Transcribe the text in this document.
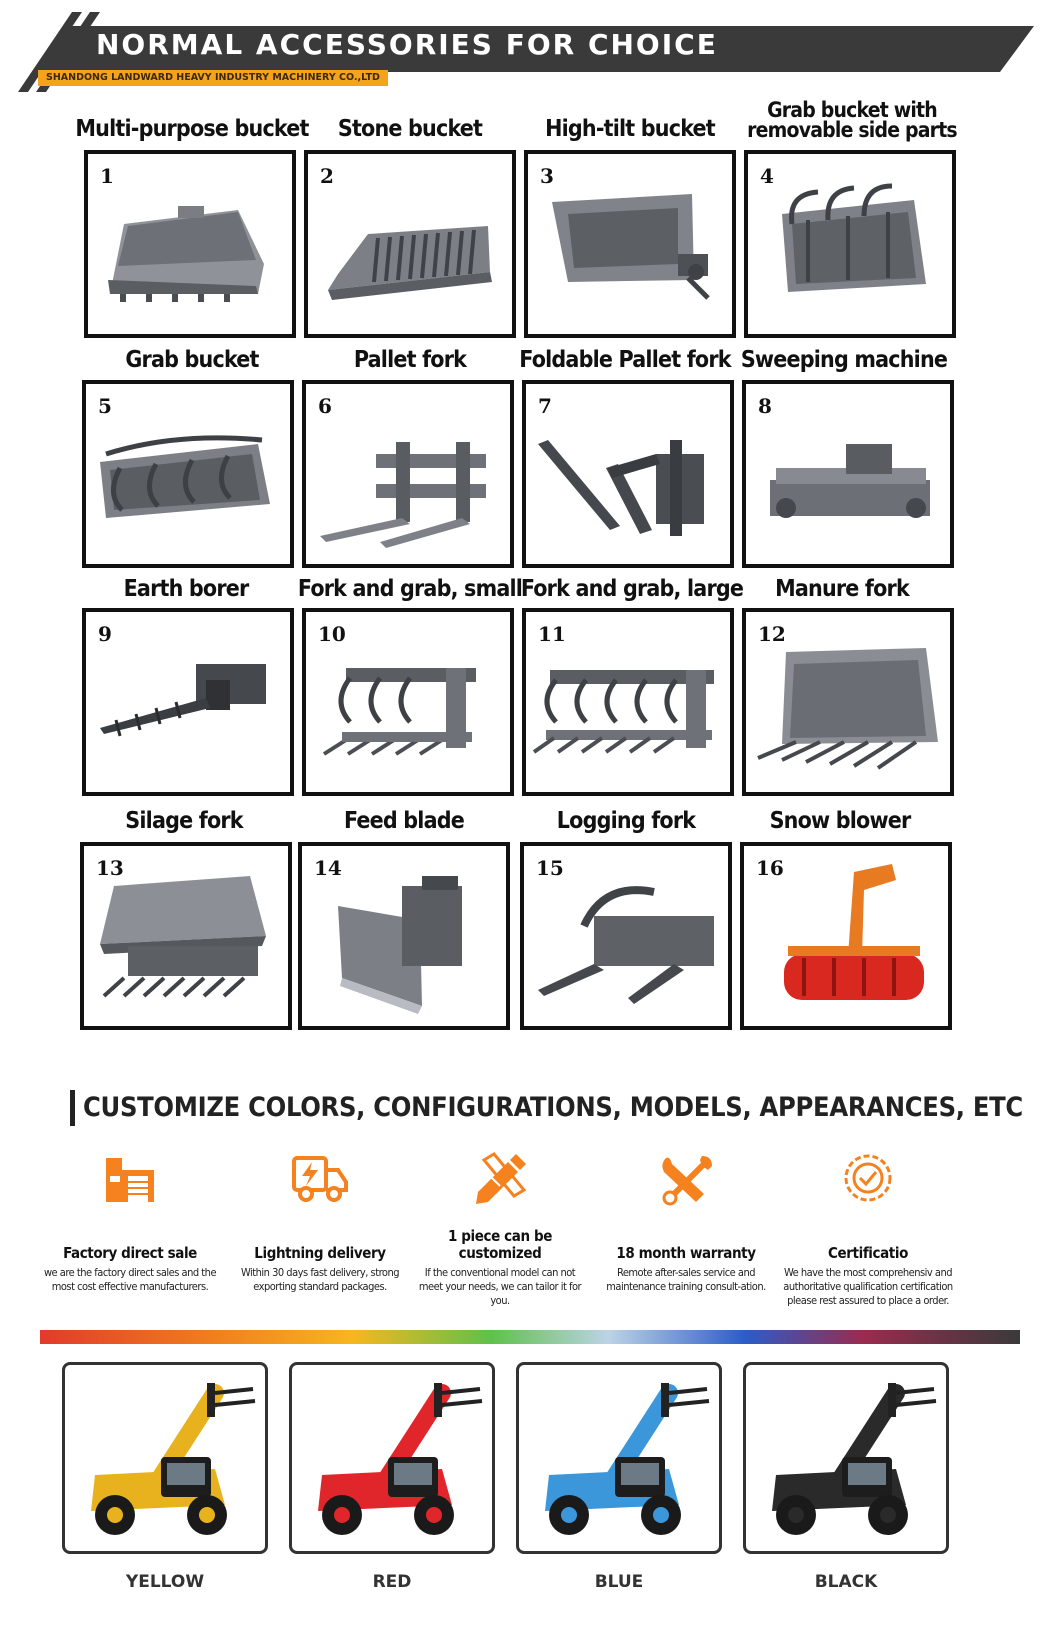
NORMAL ACCESSORIES FOR CHOICE
SHANDONG LANDWARD HEAVY INDUSTRY MACHINERY CO.,LTD
Multi-purpose bucket
1
Stone bucket
2
High-tilt bucket
3
Grab bucket with
removable side parts
4
Grab bucket
5
Pallet fork
6
Foldable Pallet fork
7
Sweeping machine
8
Earth borer
9
Fork and grab, small
10
Fork and grab, large
11
Manure fork
12
Silage fork
13
Feed blade
14
Logging fork
15
Snow blower
16
CUSTOMIZE COLORS, CONFIGURATIONS, MODELS, APPEARANCES, ETC
Factory direct sale
we are the factory direct sales and the most cost effective manufacturers.
Lightning delivery
Within 30 days fast delivery, strong exporting standard packages.
1 piece can be customized
If the conventional model can not meet your needs, we can tailor it for you.
18 month warranty
Remote after-sales service and maintenance training consult-ation.
Certificatio
We have the most comprehensiv and authoritative qualification certification please rest assured to place a order.
YELLOW	RED	BLUE	BLACK
